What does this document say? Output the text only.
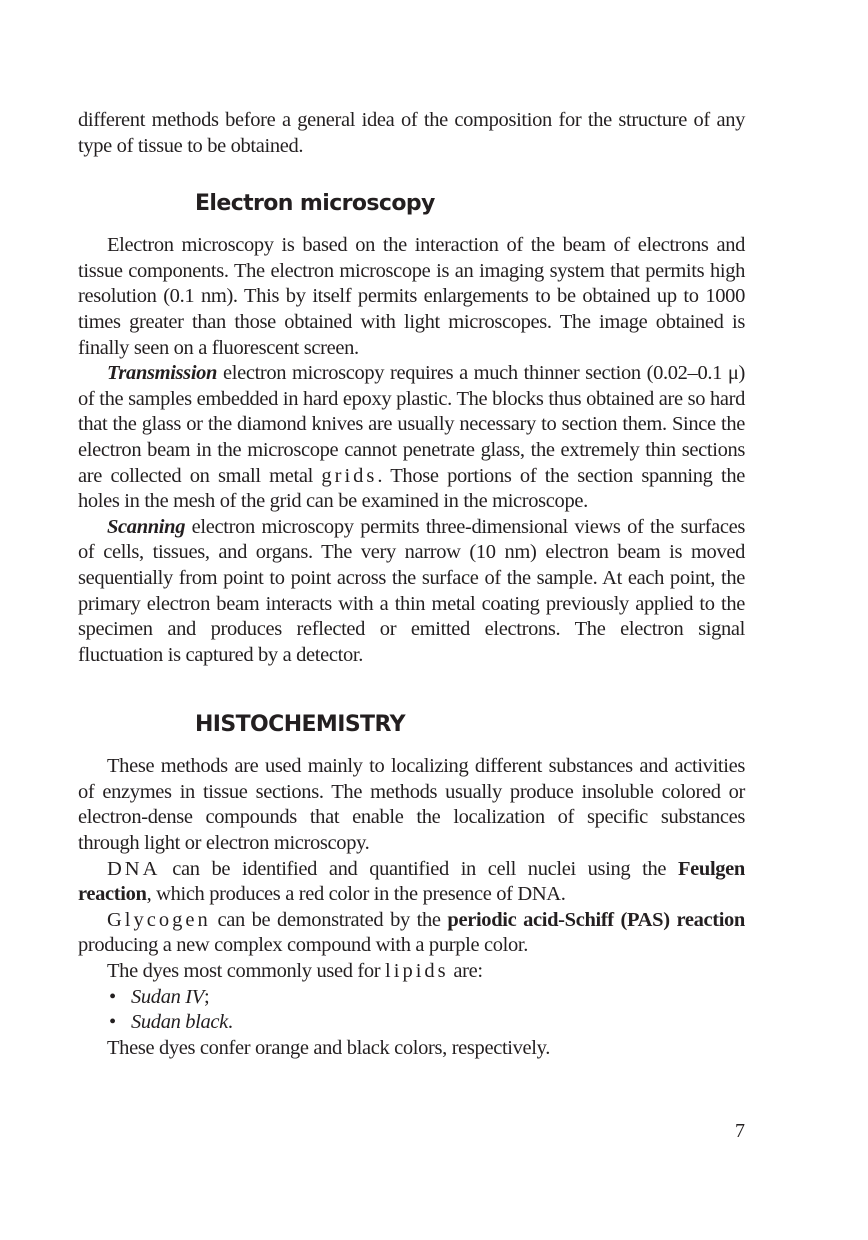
different methods before a general idea of the composition for the structure of any type of tissue to be obtained.

Electron microscopy

Electron microscopy is based on the interaction of the beam of electrons and tissue components. The electron microscope is an imaging system that permits high resolution (0.1 nm). This by itself permits enlargements to be obtained up to 1000 times greater than those obtained with light microscopes. The image obtained is finally seen on a fluorescent screen.

Transmission electron microscopy requires a much thinner section (0.02–0.1 μ) of the samples embedded in hard epoxy plastic. The blocks thus obtained are so hard that the glass or the diamond knives are usually necessary to section them. Since the electron beam in the microscope cannot penetrate glass, the extremely thin sections are collected on small metal grids. Those portions of the section spanning the holes in the mesh of the grid can be examined in the microscope.

Scanning electron microscopy permits three-dimensional views of the surfaces of cells, tissues, and organs. The very narrow (10 nm) electron beam is moved sequentially from point to point across the surface of the sample. At each point, the primary electron beam interacts with a thin metal coating previously applied to the specimen and produces reflected or emitted electrons. The electron signal fluctuation is captured by a detector.

HISTOCHEMISTRY

These methods are used mainly to localizing different substances and activities of enzymes in tissue sections. The methods usually produce insoluble colored or electron-dense compounds that enable the localization of specific substances through light or electron microscopy.

DNA can be identified and quantified in cell nuclei using the Feulgen reaction, which produces a red color in the presence of DNA.

Glycogen can be demonstrated by the periodic acid-Schiff (PAS) reaction producing a new complex compound with a purple color.

The dyes most commonly used for lipids are:

• Sudan IV;
• Sudan black.

These dyes confer orange and black colors, respectively.

7
